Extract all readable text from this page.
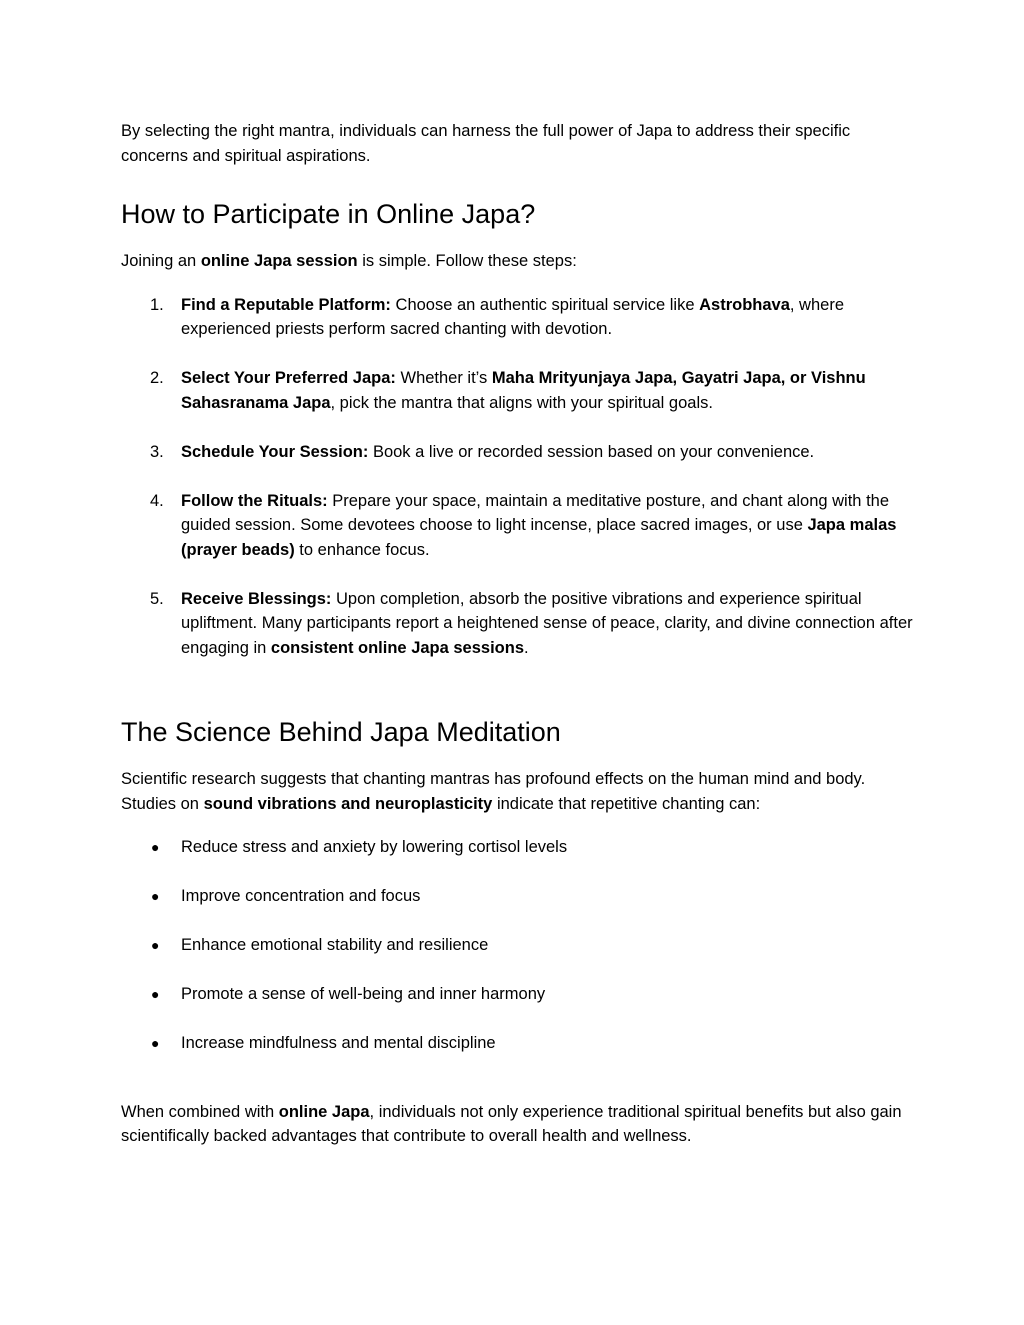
By selecting the right mantra, individuals can harness the full power of Japa to address their specific concerns and spiritual aspirations.

How to Participate in Online Japa?

Joining an online Japa session is simple. Follow these steps:

1. Find a Reputable Platform: Choose an authentic spiritual service like Astrobhava, where experienced priests perform sacred chanting with devotion.
2. Select Your Preferred Japa: Whether it’s Maha Mrityunjaya Japa, Gayatri Japa, or Vishnu Sahasranama Japa, pick the mantra that aligns with your spiritual goals.
3. Schedule Your Session: Book a live or recorded session based on your convenience.
4. Follow the Rituals: Prepare your space, maintain a meditative posture, and chant along with the guided session. Some devotees choose to light incense, place sacred images, or use Japa malas (prayer beads) to enhance focus.
5. Receive Blessings: Upon completion, absorb the positive vibrations and experience spiritual upliftment. Many participants report a heightened sense of peace, clarity, and divine connection after engaging in consistent online Japa sessions.
The Science Behind Japa Meditation

Scientific research suggests that chanting mantras has profound effects on the human mind and body. Studies on sound vibrations and neuroplasticity indicate that repetitive chanting can:

● Reduce stress and anxiety by lowering cortisol levels
● Improve concentration and focus
● Enhance emotional stability and resilience
● Promote a sense of well-being and inner harmony
● Increase mindfulness and mental discipline

When combined with online Japa, individuals not only experience traditional spiritual benefits but also gain scientifically backed advantages that contribute to overall health and wellness.
